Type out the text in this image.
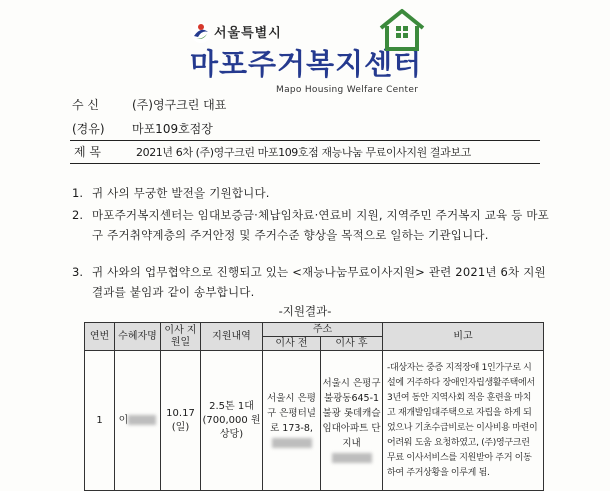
서울특별시
마포주거복지센터
Mapo Housing Welfare Center
수 신	(주)영구크린 대표
(경유) 마포109호점장
제 목	2021년 6차 (주)영구크린 마포109호점 재능나눔 무료이사지원 결과보고
1. 귀 사의 무궁한 발전을 기원합니다.
2. 마포주거복지센터는 임대보증금·체납임차료·연료비 지원, 지역주민 주거복지 교육 등 마포구 주거취약계층의 주거안정 및 주거수준 향상을 목적으로 일하는 기관입니다.
3. 귀 사와의 업무협약으로 진행되고 있는 <재능나눔무료이사지원> 관련 2021년 6차 지원 결과를 붙임과 같이 송부합니다.
-지원결과-
연번	수혜자명	이사 지원일	지원내역	주소		비고
				이사 전	이사 후	
1	이	10.17 (일)	2.5톤 1대 (700,000 원 상당)	서울시 은평구 은평터널로 173-8,	서울시 은평구 불광동645-1 불광 롯데캐슬 임대아파트 단지내	-대상자는 중증 지적장애 1인가구로 시설에 거주하다 장애인자립생활주택에서 3년여 동안 지역사회 적응 훈련을 마치고 재개발임대주택으로 자립을 하게 되었으나 기초수급비로는 이사비용 마련이 어려워 도움 요청하였고, (주)영구크린 무료 이사서비스를 지원받아 주거 이동하여 주거상황을 이루게 됨.
